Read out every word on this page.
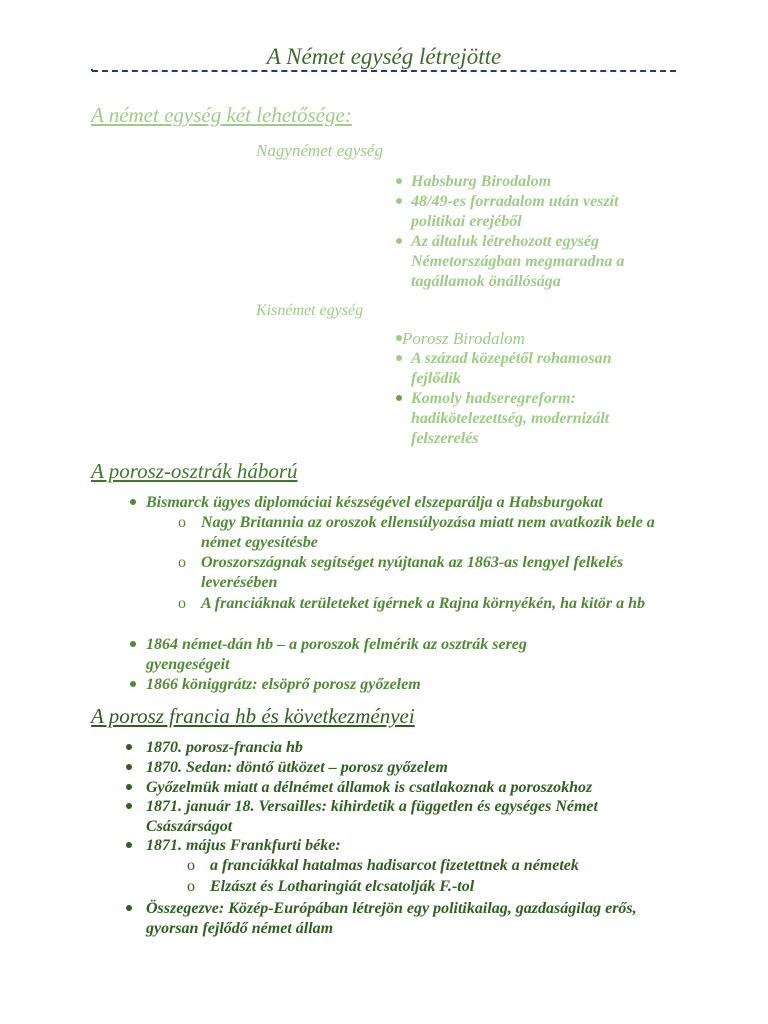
A Német egység létrejötte
A német egység két lehetősége:
Nagynémet egység
Habsburg Birodalom
48/49-es forradalom után veszít politikai erejéből
Az általuk létrehozott egység Németországban megmaradna a tagállamok önállósága
Kisnémet egység
Porosz Birodalom
A század közepétől rohamosan fejlődik
Komoly hadseregreform: hadikötelezettség, modernizált felszerelés
A porosz-osztrák háború
Bismarck ügyes diplomáciai készségével elszeparálja a Habsburgokat
o Nagy Britannia az oroszok ellensúlyozása miatt nem avatkozik bele a német egyesítésbe
o Oroszországnak segítséget nyújtanak az 1863-as lengyel felkelés leverésében
o A franciáknak területeket ígérnek a Rajna környékén, ha kitör a hb
1864 német-dán hb – a poroszok felmérik az osztrák sereg gyengeségeit
1866 königgrátz: elsöprő porosz győzelem
A porosz francia hb és következményei
1870. porosz-francia hb
1870. Sedan: döntő ütközet – porosz győzelem
Győzelmük miatt a délnémet államok is csatlakoznak a poroszokhoz
1871. január 18. Versailles: kihirdetik a független és egységes Német Császárságot
1871. május Frankfurti béke:
o a franciákkal hatalmas hadisarcot fizetettnek a németek
o Elzászt és Lotharingiát elcsatolják F.-tol
Összegezve: Közép-Európában létrejön egy politikailag, gazdaságilag erős, gyorsan fejlődő német állam
